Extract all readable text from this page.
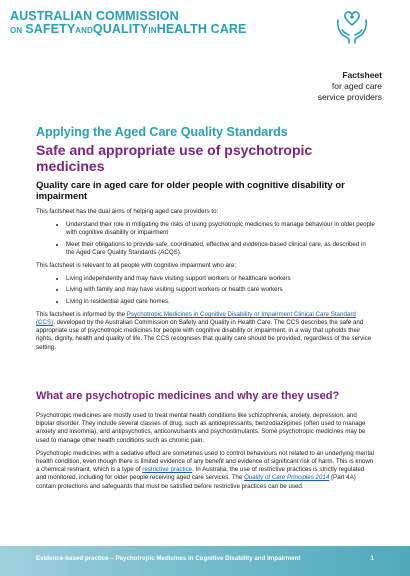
AUSTRALIAN COMMISSION
ON SAFETYANDQUALITYINHEALTH CARE
Factsheet
for aged care
service providers
Applying the Aged Care Quality Standards
Safe and appropriate use of psychotropic medicines
Quality care in aged care for older people with cognitive disability or impairment

This factsheet has the dual aims of helping aged care providers to:

• Understand their role in mitigating the risks of using psychotropic medicines to manage behaviour in older people with cognitive disability or impairment
• Meet their obligations to provide safe, coordinated, effective and evidence-based clinical care, as described in the Aged Care Quality Standards (ACQS).

This factsheet is relevant to all people with cognitive impairment who are:

• Living independently and may have visiting support workers or healthcare workers
• Living with family and may have visiting support workers or health care workers
• Living in residential aged care homes.

This factsheet is informed by the Psychotropic Medicines in Cognitive Disability or Impairment Clinical Care Standard (CCS), developed by the Australian Commission on Safety and Quality in Health Care. The CCS describes the safe and appropriate use of psychotropic medicines for people with cognitive disability or impairment, in a way that upholds their rights, dignity, health and quality of life. The CCS recognises that quality care should be provided, regardless of the service setting.

What are psychotropic medicines and why are they used?

Psychotropic medicines are mostly used to treat mental health conditions like schizophrenia, anxiety, depression, and bipolar disorder. They include several classes of drug, such as antidepressants, benzodiazepines (often used to manage anxiety and insomnia), and antipsychotics, anticonvulsants and psychostimulants. Some psychotropic medicines may be used to manage other health conditions such as chronic pain.

Psychotropic medicines with a sedative effect are sometimes used to control behaviours not related to an underlying mental health condition, even though there is limited evidence of any benefit and evidence of significant risk of harm. This is known a chemical restraint, which is a type of restrictive practice. In Australia, the use of restrictive practices is strictly regulated and monitored, including for older people receiving aged care services. The Quality of Care Principles 2014 (Part 4A) contain protections and safeguards that must be satisfied before restrictive practices can be used.

Evidence-based practice – Psychotropic Medicines in Cognitive Disability and Impairment	1
